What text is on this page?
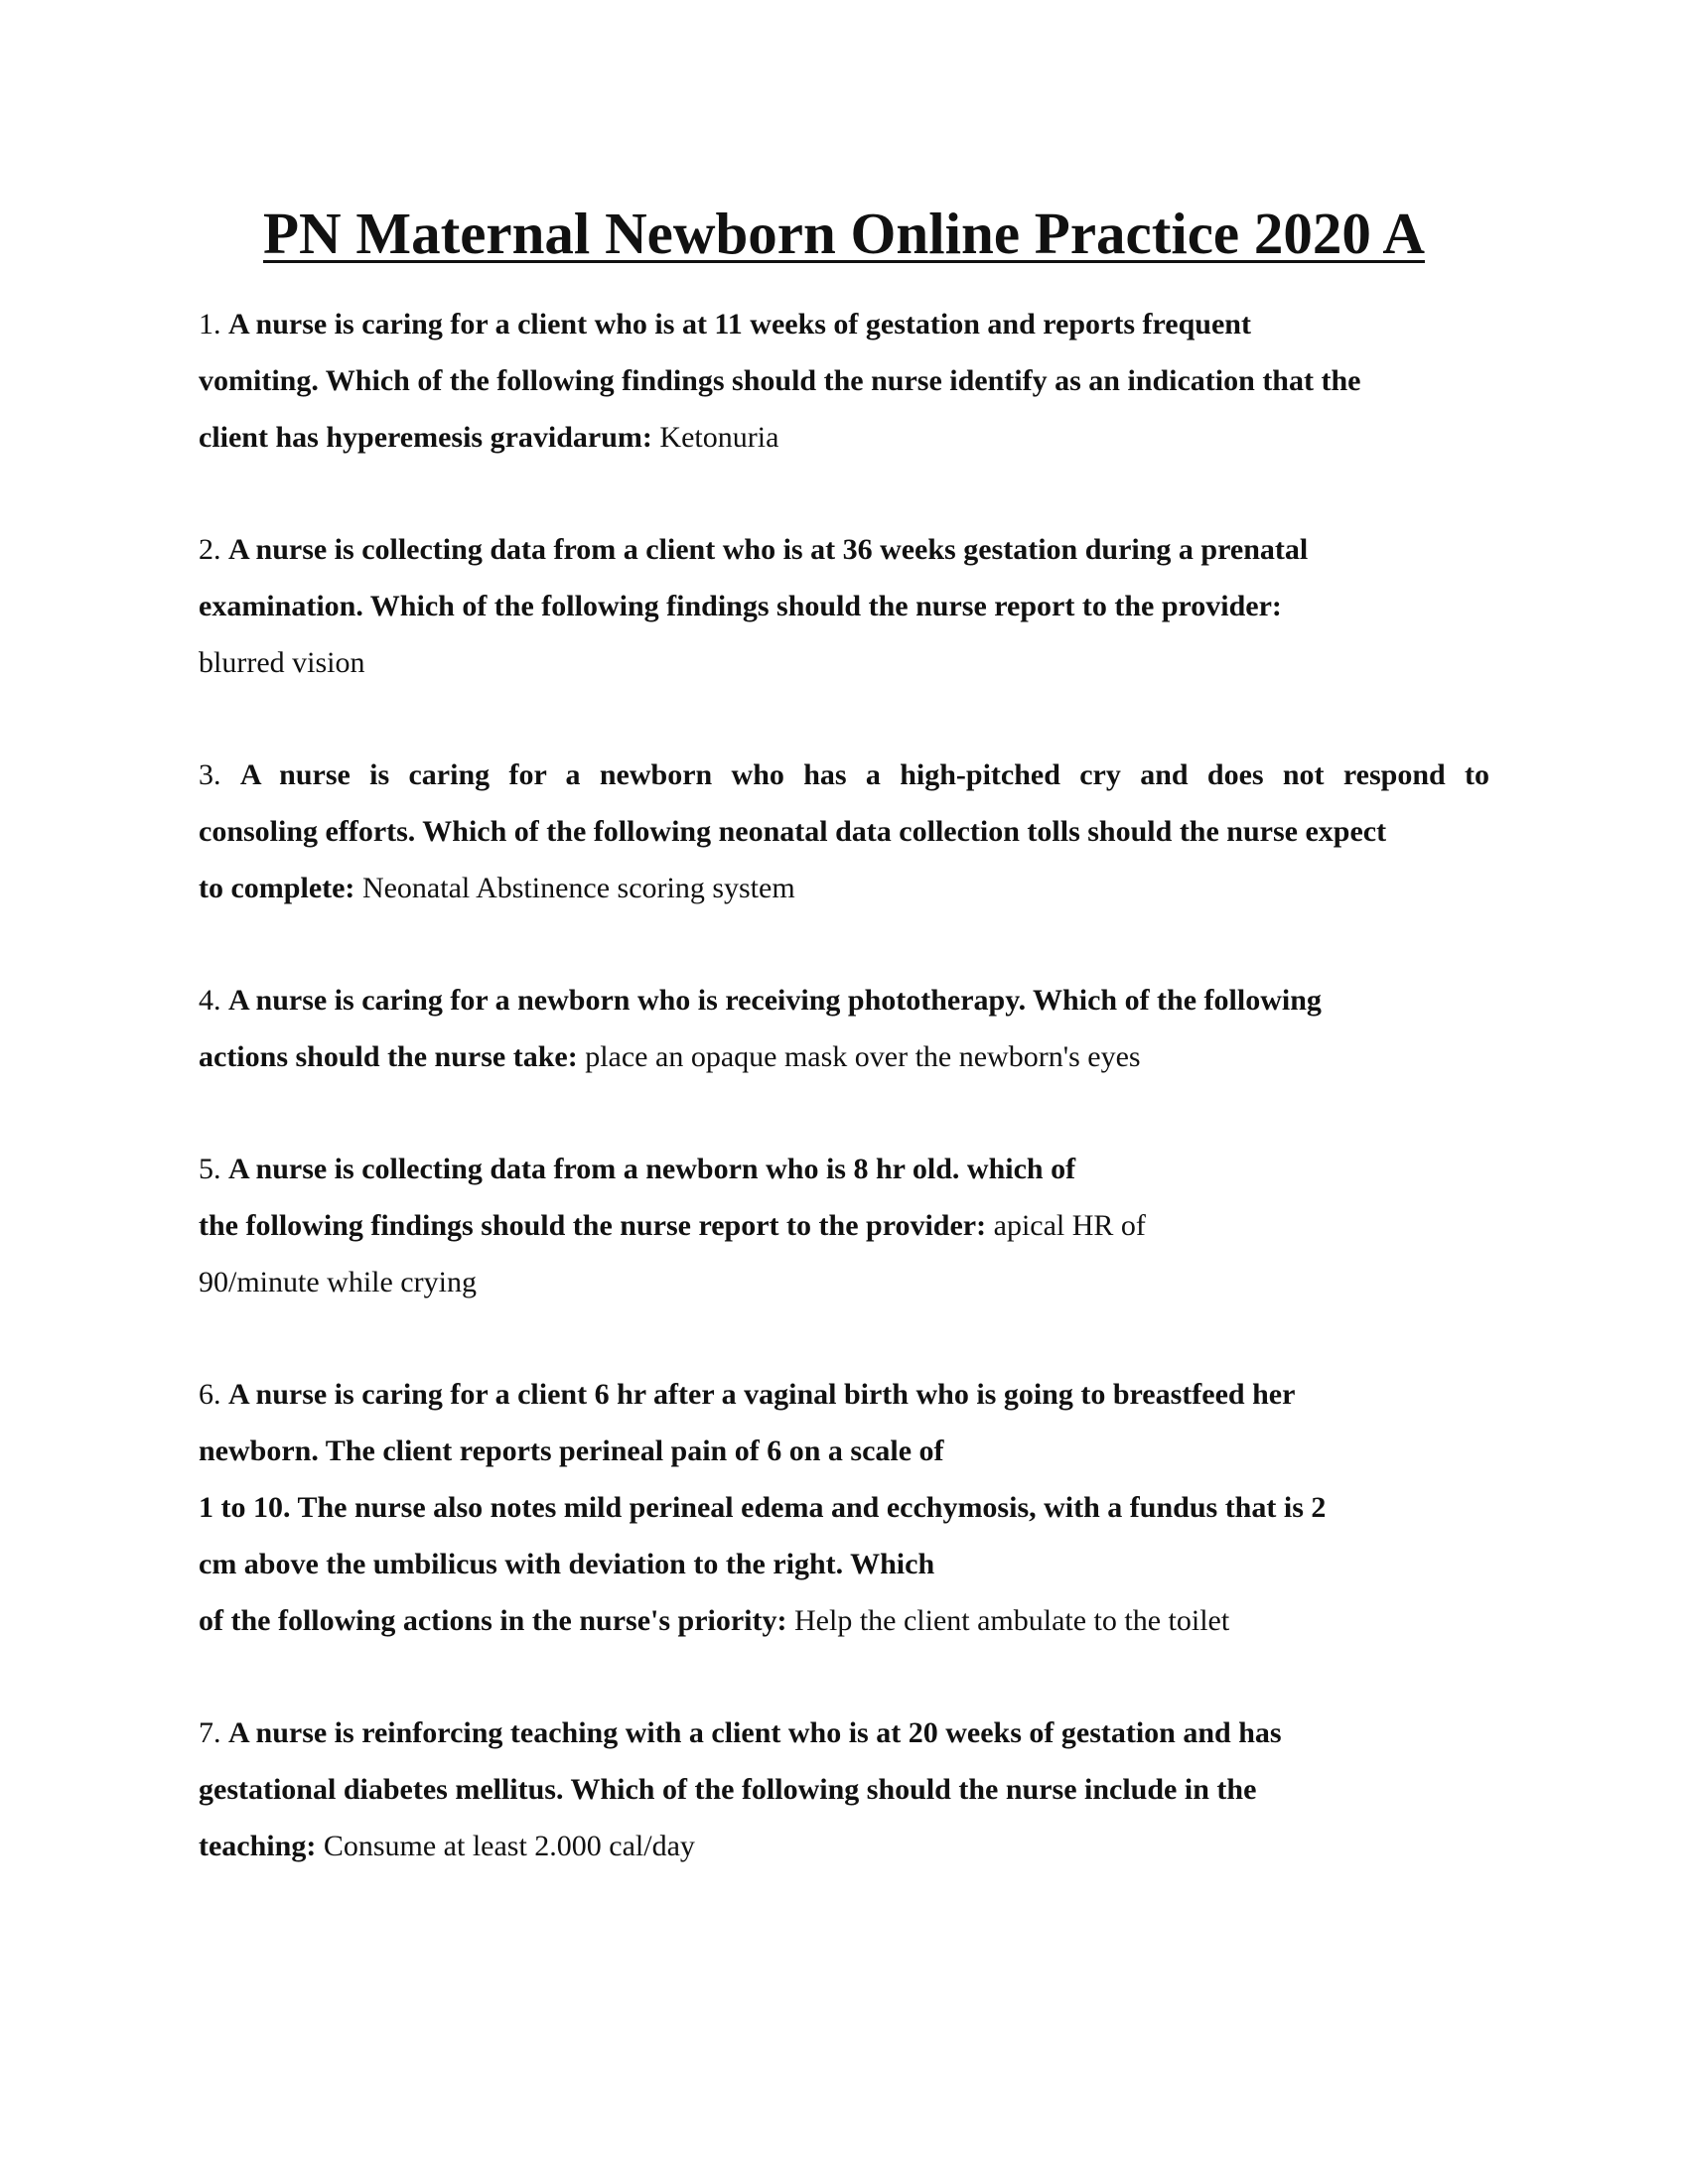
PN Maternal Newborn Online Practice 2020 A
1. A nurse is caring for a client who is at 11 weeks of gestation and reports frequent
vomiting. Which of the following findings should the nurse identify as an indication that the
client has hyperemesis gravidarum: Ketonuria
2. A nurse is collecting data from a client who is at 36 weeks gestation during a prenatal
examination. Which of the following findings should the nurse report to the provider:
blurred vision
3. A nurse is caring for a newborn who has a high-pitched cry and does not respond to
consoling efforts. Which of the following neonatal data collection tolls should the nurse expect
to complete: Neonatal Abstinence scoring system
4. A nurse is caring for a newborn who is receiving phototherapy. Which of the following
actions should the nurse take: place an opaque mask over the newborn's eyes
5. A nurse is collecting data from a newborn who is 8 hr old. which of
the following findings should the nurse report to the provider: apical HR of
90/minute while crying
6. A nurse is caring for a client 6 hr after a vaginal birth who is going to breastfeed her
newborn. The client reports perineal pain of 6 on a scale of
1 to 10. The nurse also notes mild perineal edema and ecchymosis, with a fundus that is 2
cm above the umbilicus with deviation to the right. Which
of the following actions in the nurse's priority: Help the client ambulate to the toilet
7. A nurse is reinforcing teaching with a client who is at 20 weeks of gestation and has
gestational diabetes mellitus. Which of the following should the nurse include in the
teaching: Consume at least 2.000 cal/day
